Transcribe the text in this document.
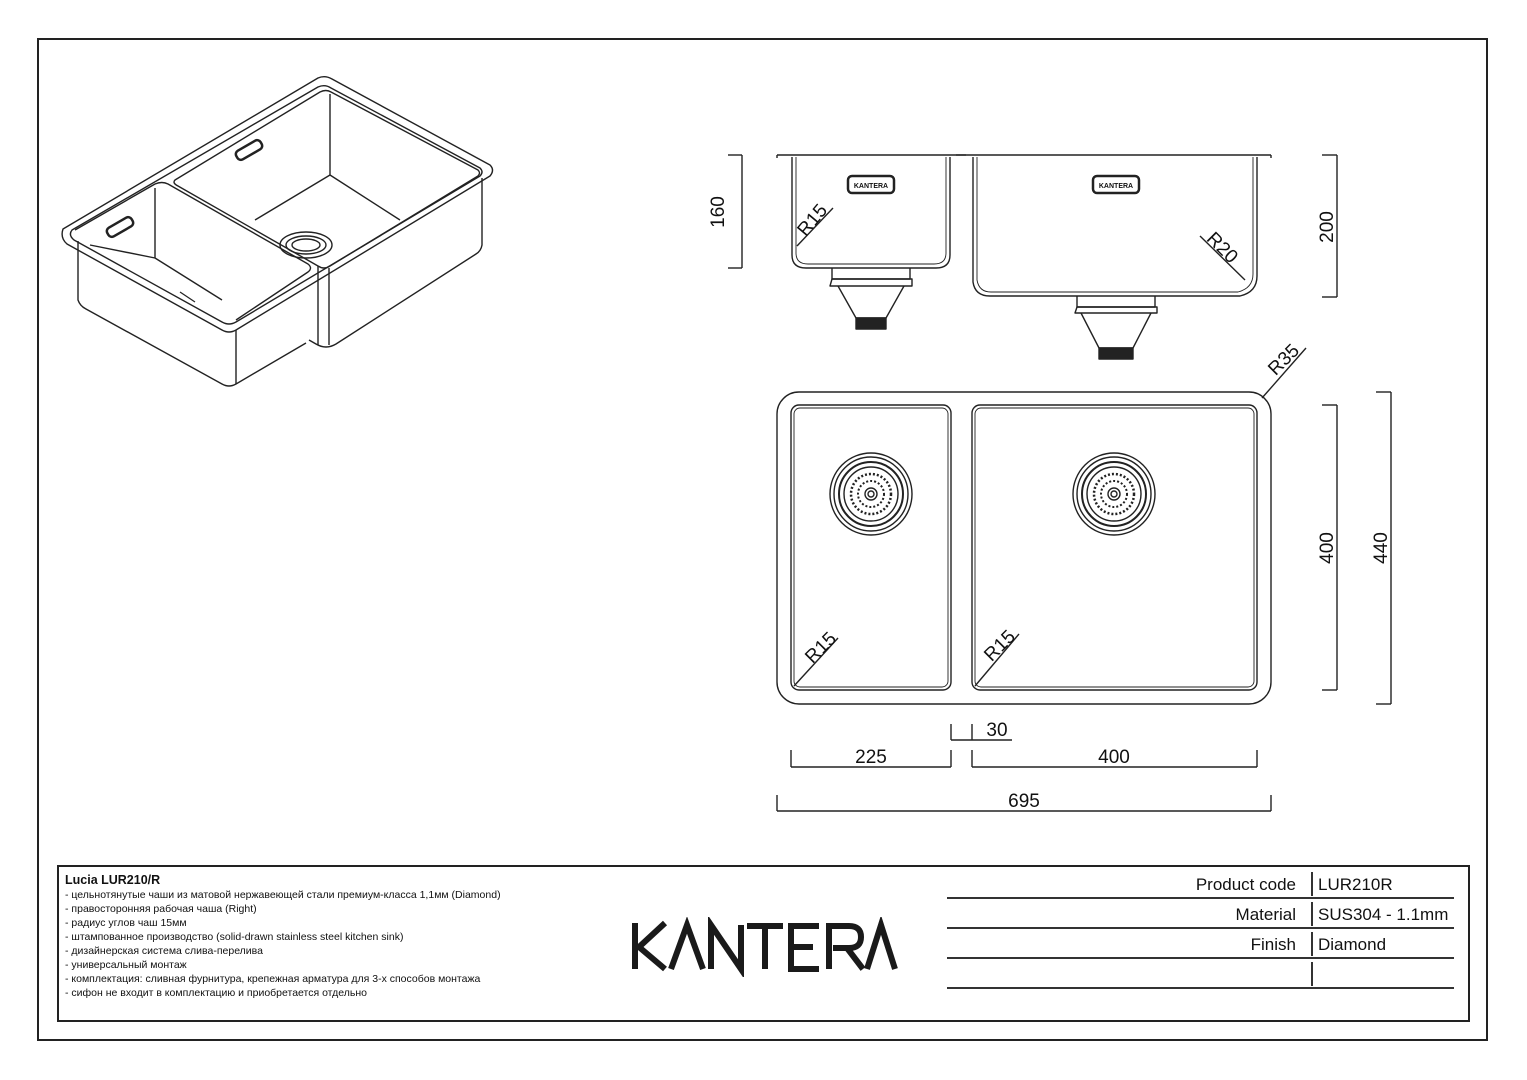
KANTERA	KANTERA
160	200
R15
R20
R35
R15	R15
400 440
30
225	400
695
Lucia LUR210/R
- цельнотянутые чаши из матовой нержавеющей стали премиум-класса 1,1мм (Diamond)
- правосторонняя рабочая чаша (Right)
- радиус углов чаш 15мм
- штампованное производство (solid-drawn stainless steel kitchen sink)
- дизайнерская система слива-перелива
- универсальный монтаж
- комплектация: сливная фурнитура, крепежная арматура для 3-х способов монтажа
- сифон не входит в комплектацию и приобретается отдельно
Product code LUR210R
Material SUS304 - 1.1mm
Finish Diamond
